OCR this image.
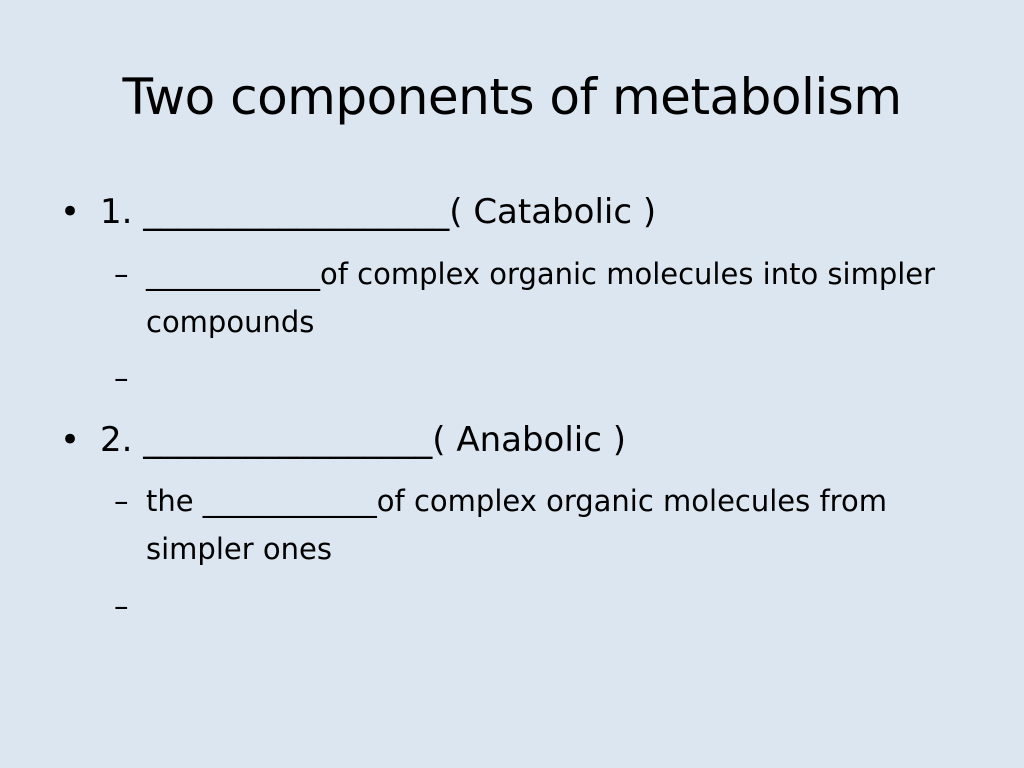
Two components of metabolism
• 1. __________________( Catabolic )
– ____________of complex organic molecules into simpler compounds
–
• 2. _________________( Anabolic )
– the ____________of complex organic molecules from simpler ones
–
